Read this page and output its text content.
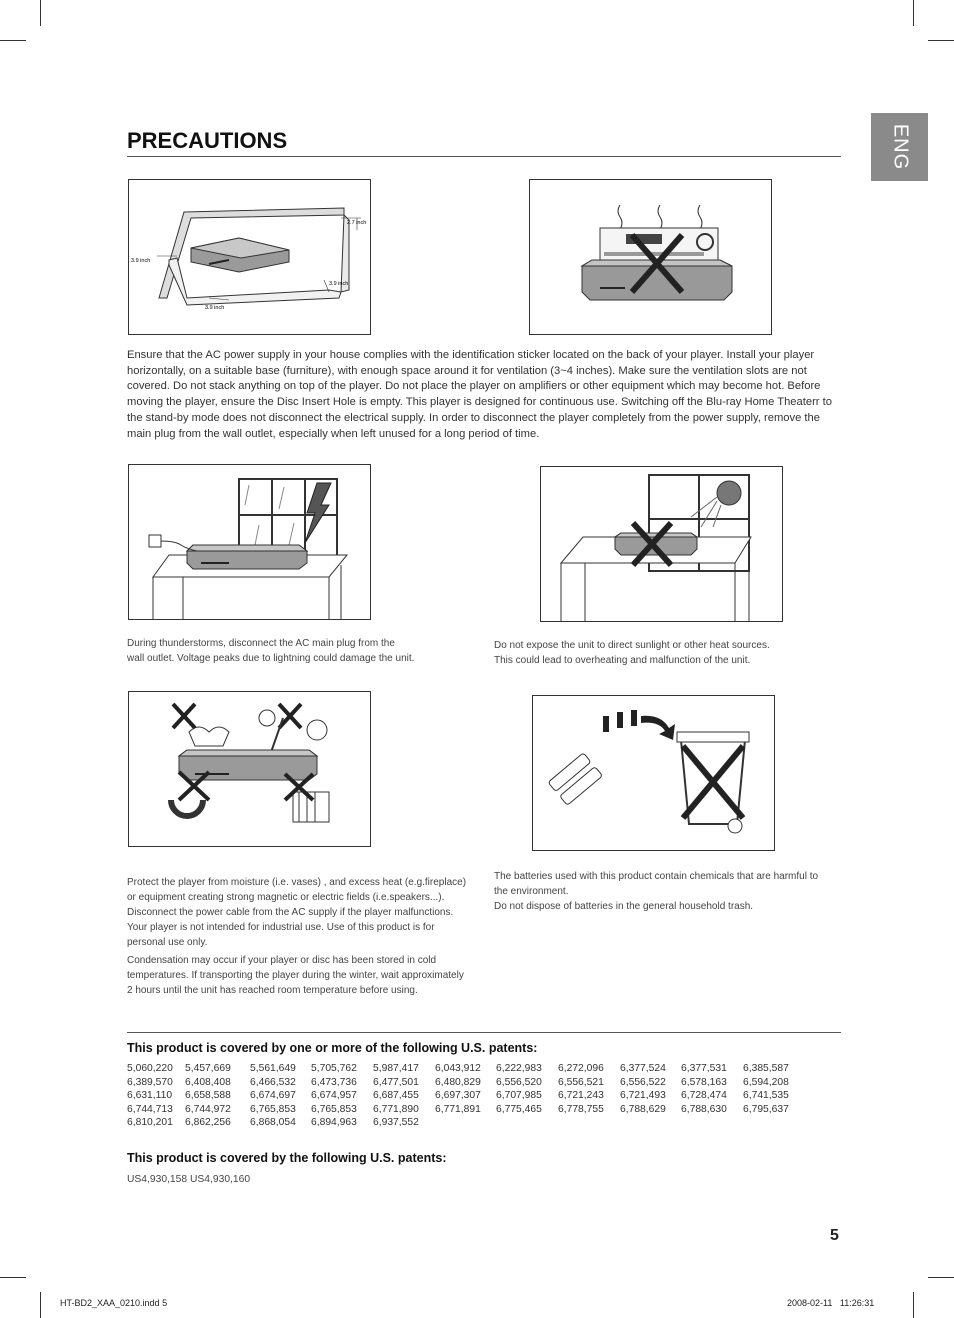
ENG
PRECAUTIONS
2.7 inch
3.9 inch
3.9 inch
3.9 inch
Ensure that the AC power supply in your house complies with the identification sticker located on the back of your player. Install your player horizontally, on a suitable base (furniture), with enough space around it for ventilation (3~4 inches). Make sure the ventilation slots are not covered. Do not stack anything on top of the player. Do not place the player on amplifiers or other equipment which may become hot. Before moving the player, ensure the Disc Insert Hole is empty. This player is designed for continuous use. Switching off the Blu-ray Home Theaterr to the stand-by mode does not disconnect the electrical supply. In order to disconnect the player completely from the power supply, remove the main plug from the wall outlet, especially when left unused for a long period of time.
During thunderstorms, disconnect the AC main plug from the
wall outlet. Voltage peaks due to lightning could damage the unit.
Do not expose the unit to direct sunlight or other heat sources.
This could lead to overheating and malfunction of the unit.
Protect the player from moisture (i.e. vases) , and excess heat (e.g.fireplace) or equipment creating strong magnetic or electric fields (i.e.speakers...). Disconnect the power cable from the AC supply if the player malfunctions. Your player is not intended for industrial use. Use of this product is for personal use only.
Condensation may occur if your player or disc has been stored in cold temperatures. If transporting the player during the winter, wait approximately 2 hours until the unit has reached room temperature before using.
The batteries used with this product contain chemicals that are harmful to the environment.
Do not dispose of batteries in the general household trash.
This product is covered by one or more of the following U.S. patents:
5,060,220	5,457,669	5,561,649	5,705,762	5,987,417	6,043,912	6,222,983	6,272,096	6,377,524	6,377,531	6,385,587
6,389,570	6,408,408	6,466,532	6,473,736	6,477,501	6,480,829	6,556,520	6,556,521	6,556,522	6,578,163	6,594,208
6,631,110	6,658,588	6,674,697	6,674,957	6,687,455	6,697,307	6,707,985	6,721,243	6,721,493	6,728,474	6,741,535
6,744,713	6,744,972	6,765,853	6,765,853	6,771,890	6,771,891	6,775,465	6,778,755	6,788,629	6,788,630	6,795,637
6,810,201	6,862,256	6,868,054	6,894,963	6,937,552
This product is covered by the following U.S. patents:
US4,930,158 US4,930,160
5
HT-BD2_XAA_0210.indd 5	2008-02-11   11:26:31
